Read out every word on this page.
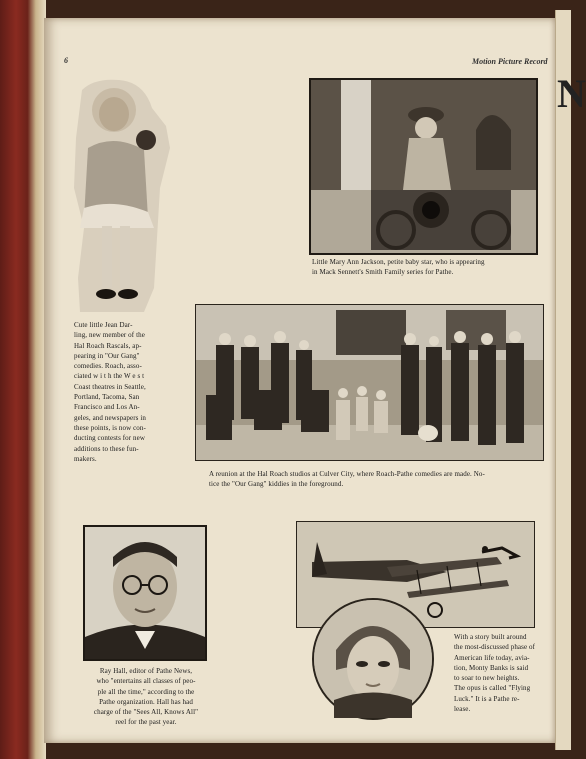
6	Motion Picture Record
Cute little Jean Dar-
ling, new member of the
Hal Roach Rascals, ap-
pearing in "Our Gang"
comedies. Roach, asso-
ciated w i t h the W e s t
Coast theatres in Seattle,
Portland, Tacoma, San
Francisco and Los An-
geles, and newspapers in
these points, is now con-
ducting contests for new
additions to these fun-
makers.
Little Mary Ann Jackson, petite baby star, who is appearing
in Mack Sennett's Smith Family series for Pathe.
A reunion at the Hal Roach studios at Culver City, where Roach-Pathe comedies are made. No-
tice the "Our Gang" kiddies in the foreground.
Ray Hall, editor of Pathe News,
who "entertains all classes of peo-
ple all the time," according to the
Pathe organization. Hall has had
charge of the "Sees All, Knows All"
reel for the past year.
With a story built around
the most-discussed phase of
American life today, avia-
tion, Monty Banks is said
to soar to new heights.
The opus is called "Flying
Luck." It is a Pathe re-
lease.
N
